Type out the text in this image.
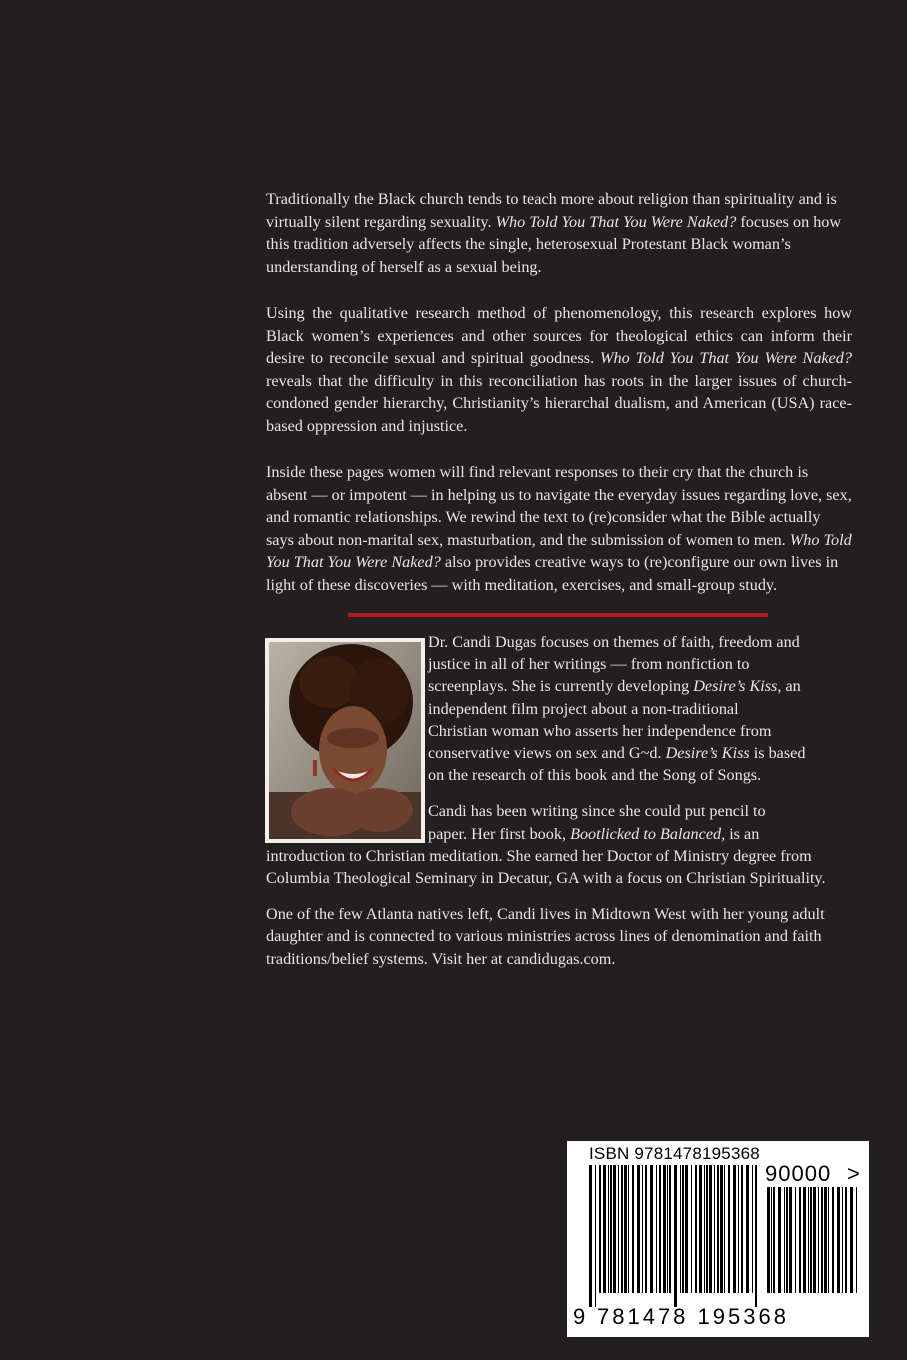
Traditionally the Black church tends to teach more about religion than spirituality and is virtually silent regarding sexuality. Who Told You That You Were Naked? focuses on how this tradition adversely affects the single, heterosexual Protestant Black woman’s understanding of herself as a sexual being.

Using the qualitative research method of phenomenology, this research explores how Black women’s experiences and other sources for theological ethics can inform their desire to reconcile sexual and spiritual goodness. Who Told You That You Were Naked? reveals that the difficulty in this reconciliation has roots in the larger issues of church-condoned gender hierarchy, Christianity’s hierarchal dualism, and American (USA) race-based oppression and injustice.

Inside these pages women will find relevant responses to their cry that the church is absent — or impotent — in helping us to navigate the everyday issues regarding love, sex, and romantic relationships. We rewind the text to (re)consider what the Bible actually says about non-marital sex, masturbation, and the submission of women to men. Who Told You That You Were Naked? also provides creative ways to (re)configure our own lives in light of these discoveries — with meditation, exercises, and small-group study.

Dr. Candi Dugas focuses on themes of faith, freedom and

justice in all of her writings — from nonfiction to

screenplays. She is currently developing Desire’s Kiss, an

independent film project about a non-traditional

Christian woman who asserts her independence from

conservative views on sex and G~d. Desire’s Kiss is based

on the research of this book and the Song of Songs.

Candi has been writing since she could put pencil to

paper. Her first book, Bootlicked to Balanced, is an

introduction to Christian meditation. She earned her Doctor of Ministry degree from Columbia Theological Seminary in Decatur, GA with a focus on Christian Spirituality.

One of the few Atlanta natives left, Candi lives in Midtown West with her young adult daughter and is connected to various ministries across lines of denomination and faith traditions/belief systems. Visit her at candidugas.com.

ISBN 9781478195368
90000 >
9 781478 195368
